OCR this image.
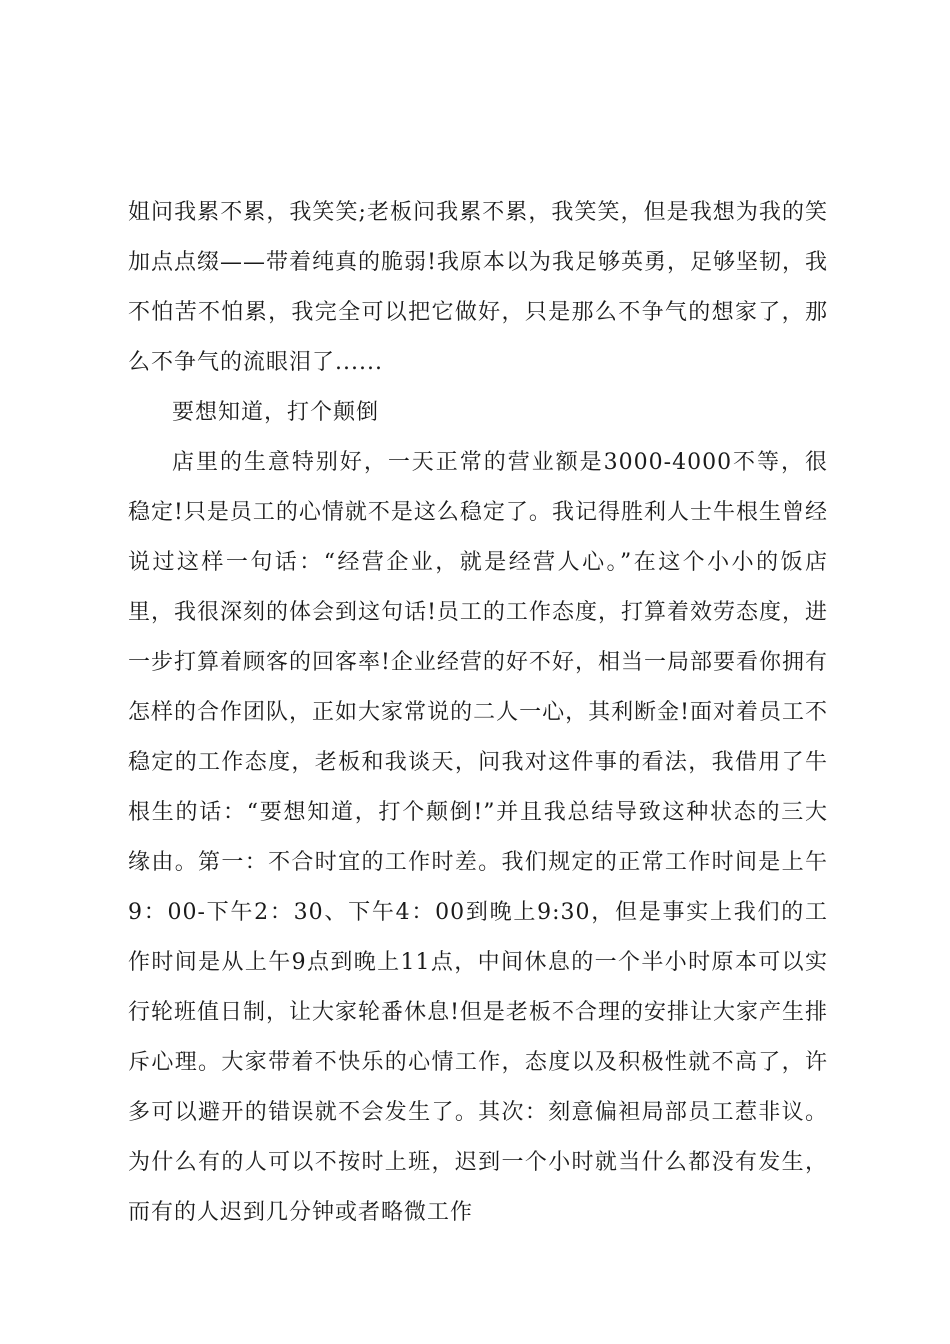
姐问我累不累，我笑笑;老板问我累不累，我笑笑，但是我想为我的笑加点点缀——带着纯真的脆弱!我原本以为我足够英勇，足够坚韧，我不怕苦不怕累，我完全可以把它做好，只是那么不争气的想家了，那么不争气的流眼泪了......

要想知道，打个颠倒

店里的生意特别好，一天正常的营业额是3000-4000不等，很稳定!只是员工的心情就不是这么稳定了。我记得胜利人士牛根生曾经说过这样一句话：“经营企业，就是经营人心。”在这个小小的饭店里，我很深刻的体会到这句话!员工的工作态度，打算着效劳态度，进一步打算着顾客的回客率!企业经营的好不好，相当一局部要看你拥有怎样的合作团队，正如大家常说的二人一心，其利断金!面对着员工不稳定的工作态度，老板和我谈天，问我对这件事的看法，我借用了牛根生的话：“要想知道，打个颠倒!”并且我总结导致这种状态的三大缘由。第一：不合时宜的工作时差。我们规定的正常工作时间是上午9：00-下午2：30、下午4：00到晚上9:30，但是事实上我们的工作时间是从上午9点到晚上11点，中间休息的一个半小时原本可以实行轮班值日制，让大家轮番休息!但是老板不合理的安排让大家产生排斥心理。大家带着不快乐的心情工作，态度以及积极性就不高了，许多可以避开的错误就不会发生了。其次：刻意偏袒局部员工惹非议。为什么有的人可以不按时上班，迟到一个小时就当什么都没有发生，而有的人迟到几分钟或者略微工作
